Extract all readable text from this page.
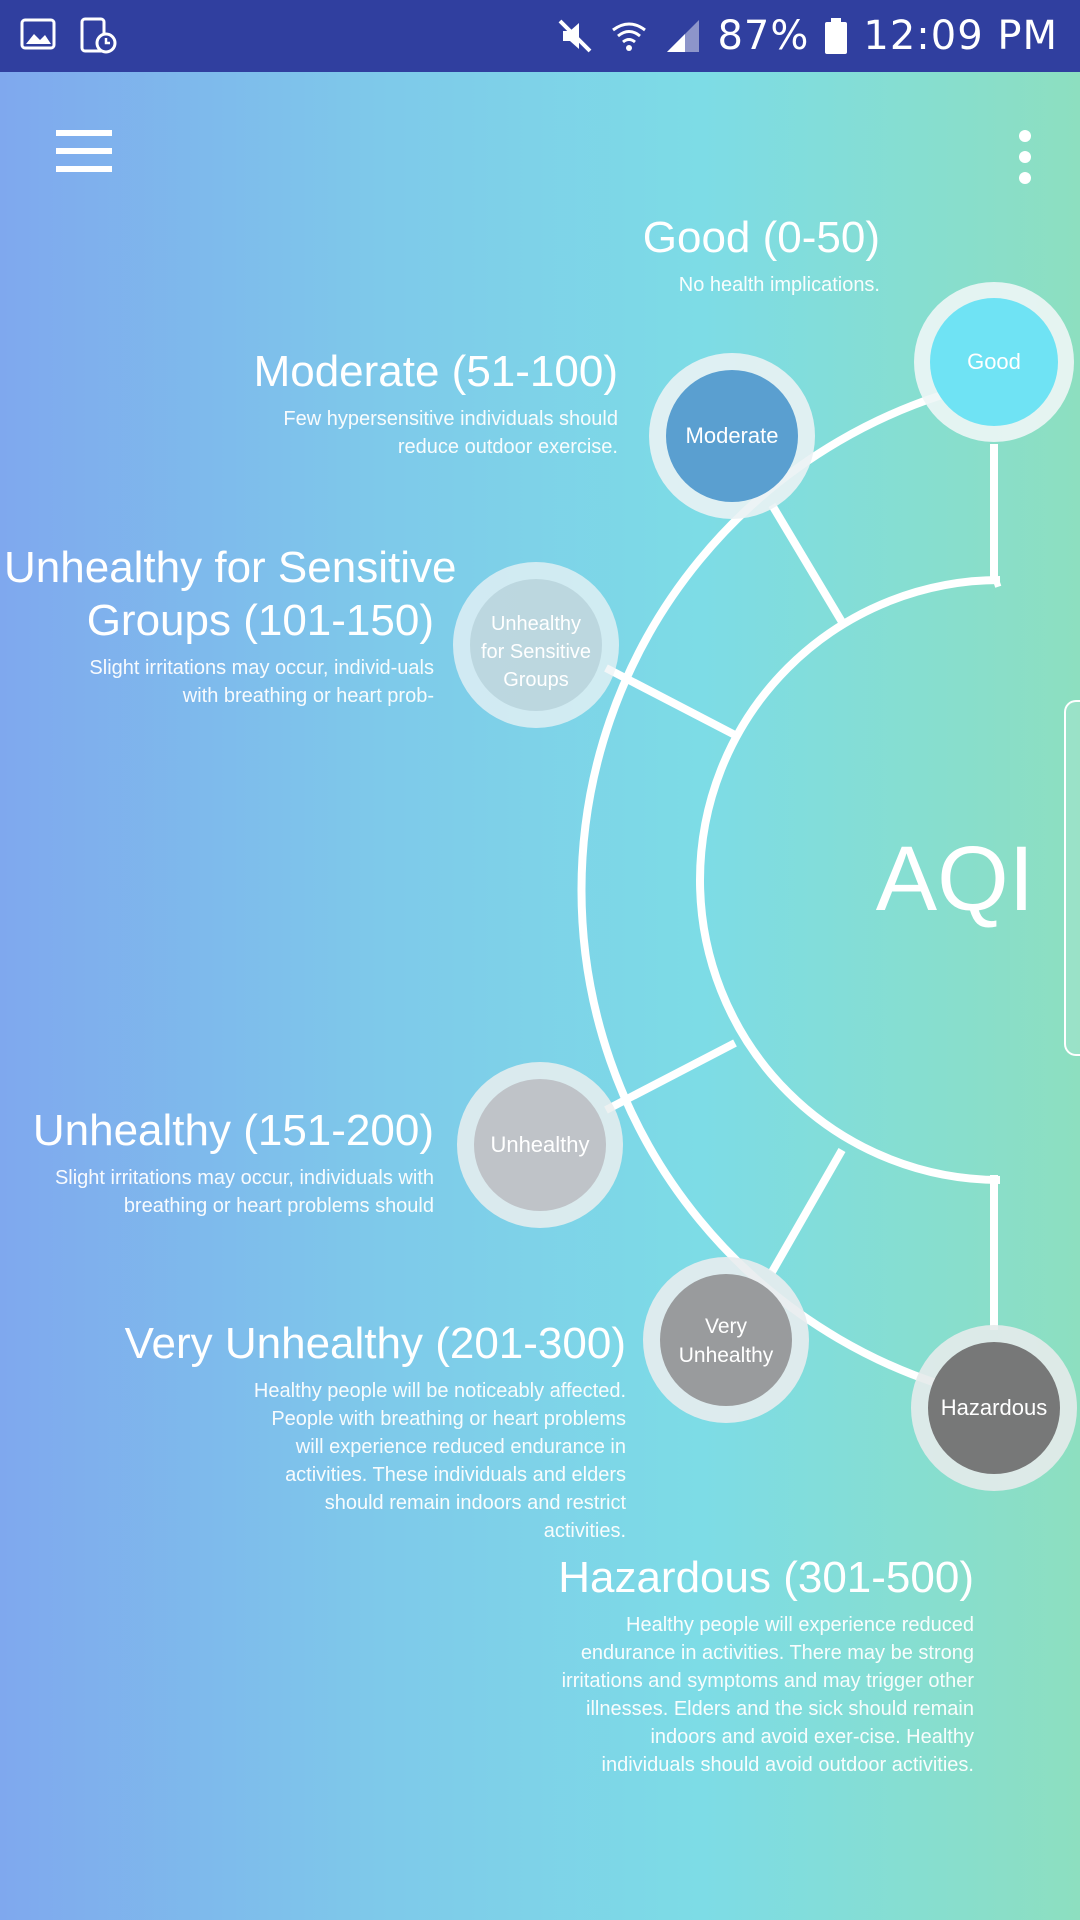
87% 12:09 PM
AQI
Good
Moderate
Unhealthy
for Sensitive
Groups
Unhealthy
Very
Unhealthy
Hazardous

Good (0-50)

No health implications.

Moderate (51-100)

Few hypersensitive individuals should reduce outdoor exercise.

Unhealthy for Sensitive

Groups (101-150)

Slight irritations may occur, individ-uals with breathing or heart prob-

Unhealthy (151-200)

Slight irritations may occur, individuals with breathing or heart problems should

Very Unhealthy (201-300)

Healthy people will be noticeably affected. People with breathing or heart problems will experience reduced endurance in activities. These individuals and elders should remain indoors and restrict activities.

Hazardous (301-500)

Healthy people will experience reduced endurance in activities. There may be strong irritations and symptoms and may trigger other illnesses. Elders and the sick should remain indoors and avoid exer-cise. Healthy individuals should avoid outdoor activities.
